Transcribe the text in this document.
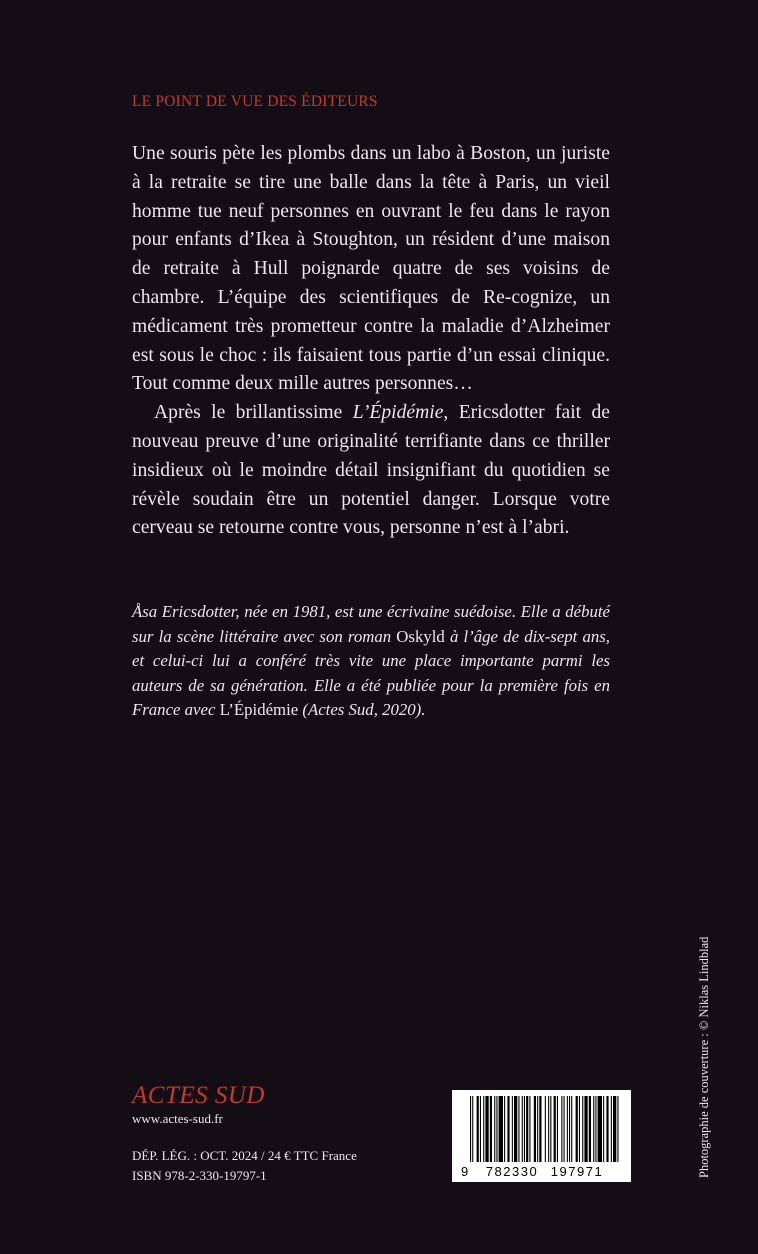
LE POINT DE VUE DES ÉDITEURS

Une souris pète les plombs dans un labo à Boston, un juriste à la retraite se tire une balle dans la tête à Paris, un vieil homme tue neuf personnes en ouvrant le feu dans le rayon pour enfants d’Ikea à Stoughton, un résident d’une maison de retraite à Hull poignarde quatre de ses voisins de chambre. L’équipe des scientifiques de Re-cognize, un médicament très prometteur contre la maladie d’Alzheimer est sous le choc : ils faisaient tous partie d’un essai clinique. Tout comme deux mille autres personnes…

Après le brillantissime L’Épidémie, Ericsdotter fait de nouveau preuve d’une originalité terrifiante dans ce thriller insidieux où le moindre détail insignifiant du quotidien se révèle soudain être un potentiel danger. Lorsque votre cerveau se retourne contre vous, personne n’est à l’abri.

Åsa Ericsdotter, née en 1981, est une écrivaine suédoise. Elle a débuté sur la scène littéraire avec son roman Oskyld à l’âge de dix-sept ans, et celui-ci lui a conféré très vite une place importante parmi les auteurs de sa génération. Elle a été publiée pour la première fois en France avec L’Épidémie (Actes Sud, 2020).
ACTES SUD
www.actes-sud.fr
DÉP. LÉG. : OCT. 2024 / 24 € TTC France
ISBN 978-2-330-19797-1	9 782330 197971	Photographie de couverture : © Niklas Lindblad
